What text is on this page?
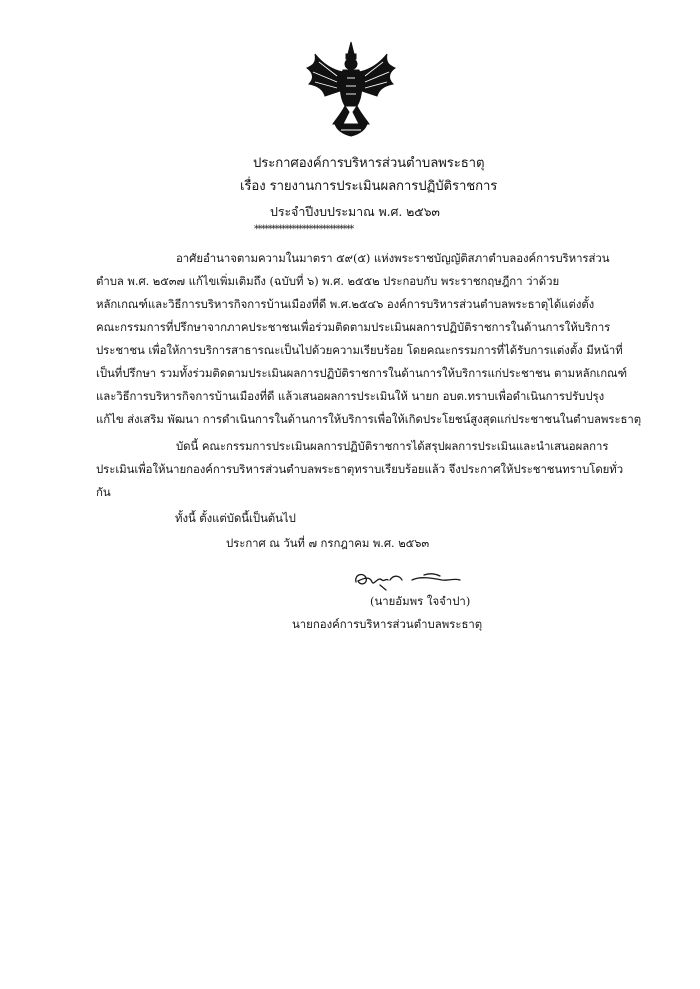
ประกาศองค์การบริหารส่วนตำบลพระธาตุ
เรื่อง รายงานการประเมินผลการปฏิบัติราชการ
ประจำปีงบประมาณ พ.ศ. ๒๕๖๓
*****************************
อาศัยอำนาจตามความในมาตรา ๕๙(๕) แห่งพระราชบัญญัติสภาตำบลองค์การบริหารส่วน
ตำบล พ.ศ. ๒๕๓๗ แก้ไขเพิ่มเติมถึง (ฉบับที่ ๖) พ.ศ. ๒๕๕๒ ประกอบกับ พระราชกฤษฎีกา ว่าด้วย
หลักเกณฑ์และวิธีการบริหารกิจการบ้านเมืองที่ดี พ.ศ.๒๕๔๖ องค์การบริหารส่วนตำบลพระธาตุได้แต่งตั้ง
คณะกรรมการที่ปรึกษาจากภาคประชาชนเพื่อร่วมติดตามประเมินผลการปฏิบัติราชการในด้านการให้บริการ
ประชาชน เพื่อให้การบริการสาธารณะเป็นไปด้วยความเรียบร้อย โดยคณะกรรมการที่ได้รับการแต่งตั้ง มีหน้าที่
เป็นที่ปรึกษา รวมทั้งร่วมติดตามประเมินผลการปฏิบัติราชการในด้านการให้บริการแก่ประชาชน ตามหลักเกณฑ์
และวิธีการบริหารกิจการบ้านเมืองที่ดี แล้วเสนอผลการประเมินให้ นายก อบต.ทราบเพื่อดำเนินการปรับปรุง
แก้ไข ส่งเสริม พัฒนา การดำเนินการในด้านการให้บริการเพื่อให้เกิดประโยชน์สูงสุดแก่ประชาชนในตำบลพระธาตุ
บัดนี้ คณะกรรมการประเมินผลการปฏิบัติราชการได้สรุปผลการประเมินและนำเสนอผลการ
ประเมินเพื่อให้นายกองค์การบริหารส่วนตำบลพระธาตุทราบเรียบร้อยแล้ว จึงประกาศให้ประชาชนทราบโดยทั่ว
กัน
ทั้งนี้ ตั้งแต่บัดนี้เป็นต้นไป
ประกาศ ณ วันที่ ๗ กรกฎาคม พ.ศ. ๒๕๖๓
(นายอัมพร ใจจำปา)
นายกองค์การบริหารส่วนตำบลพระธาตุ
